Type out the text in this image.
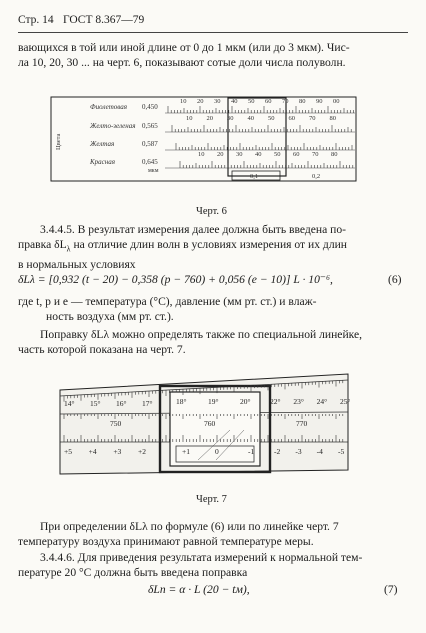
Стр. 14 ГОСТ 8.367—79
вающихся в той или иной длине от 0 до 1 мкм (или до 3 мкм). Чис-
ла 10, 20, 30 ... на черт. 6, показывают сотые доли числа полуволн.
10 20 30 40 50 60 70 80 90 00
10 20 30 40 50 60 70 80
10 20 30 40 50 60 70 80
0,1	0,2
Цвета
Фиолетовая 0,450
Желто-зеленая 0,565
Желтая	0,587
Красная	0,645
мкм
Черт. 6
3.4.4.5. В результат измерения далее должна быть введена по-
правка $\delta L_\lambda$ на отличие длин волн в условиях измерения от их длин
в нормальных условиях
δLλ = [0,932 (t − 20) − 0,358 (p − 760) + 0,056 (e − 10)] L · 10⁻⁶,	(6)
где t, p и e — температура (°С), давление (мм рт. ст.) и влаж-
ность воздуха (мм рт. ст.).
Поправку δLλ можно определять также по специальной линейке,
часть которой показана на черт. 7.
14° 15° 16° 17°	18°	19°	20°	22° 23° 24° 25°
750	760	770
+5 +4 +3 +2	+1	0	-1	-2 -3 -4 -5
Черт. 7
При определении δLλ по формуле (6) или по линейке черт. 7
температуру воздуха принимают равной температуре меры.
3.4.4.6. Для приведения результата измерений к нормальной тем-
пературе 20 °С должна быть введена поправка
δLn = α · L (20 − tм),	(7)
